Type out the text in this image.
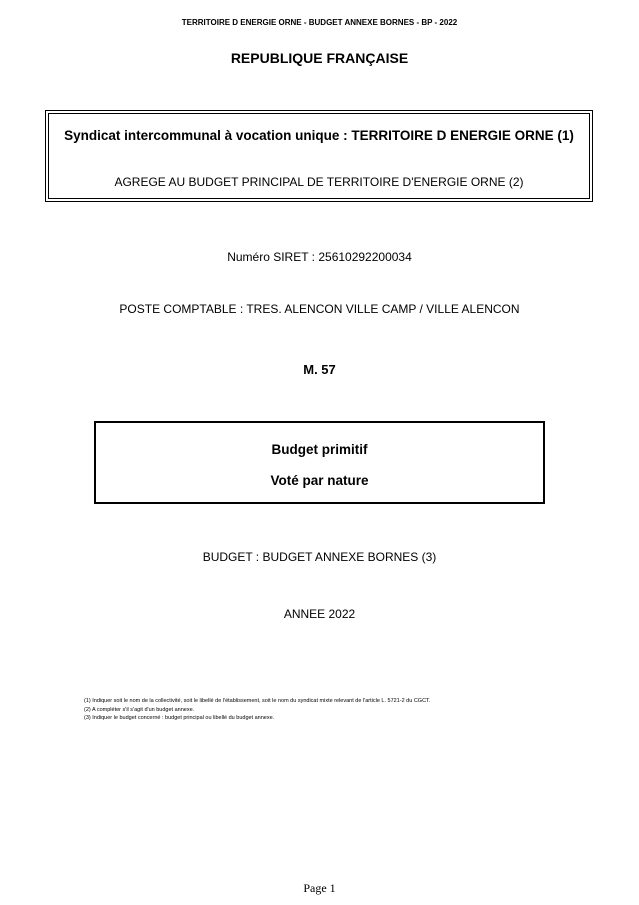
TERRITOIRE D ENERGIE ORNE - BUDGET ANNEXE BORNES - BP - 2022
REPUBLIQUE FRANÇAISE
Syndicat intercommunal à vocation unique : TERRITOIRE D ENERGIE ORNE (1)
AGREGE AU BUDGET PRINCIPAL DE TERRITOIRE D'ENERGIE ORNE (2)
Numéro SIRET : 25610292200034
POSTE COMPTABLE : TRES. ALENCON VILLE CAMP / VILLE ALENCON
M. 57
Budget primitif
Voté par nature
BUDGET : BUDGET ANNEXE BORNES (3)
ANNEE 2022
(1) Indiquer soit le nom de la collectivité, soit le libellé de l'établissement, soit le nom du syndicat mixte relevant de l'article L. 5721-2 du CGCT.
(2) A compléter s'il s'agit d'un budget annexe.
(3) Indiquer le budget concerné : budget principal ou libellé du budget annexe.
Page 1
